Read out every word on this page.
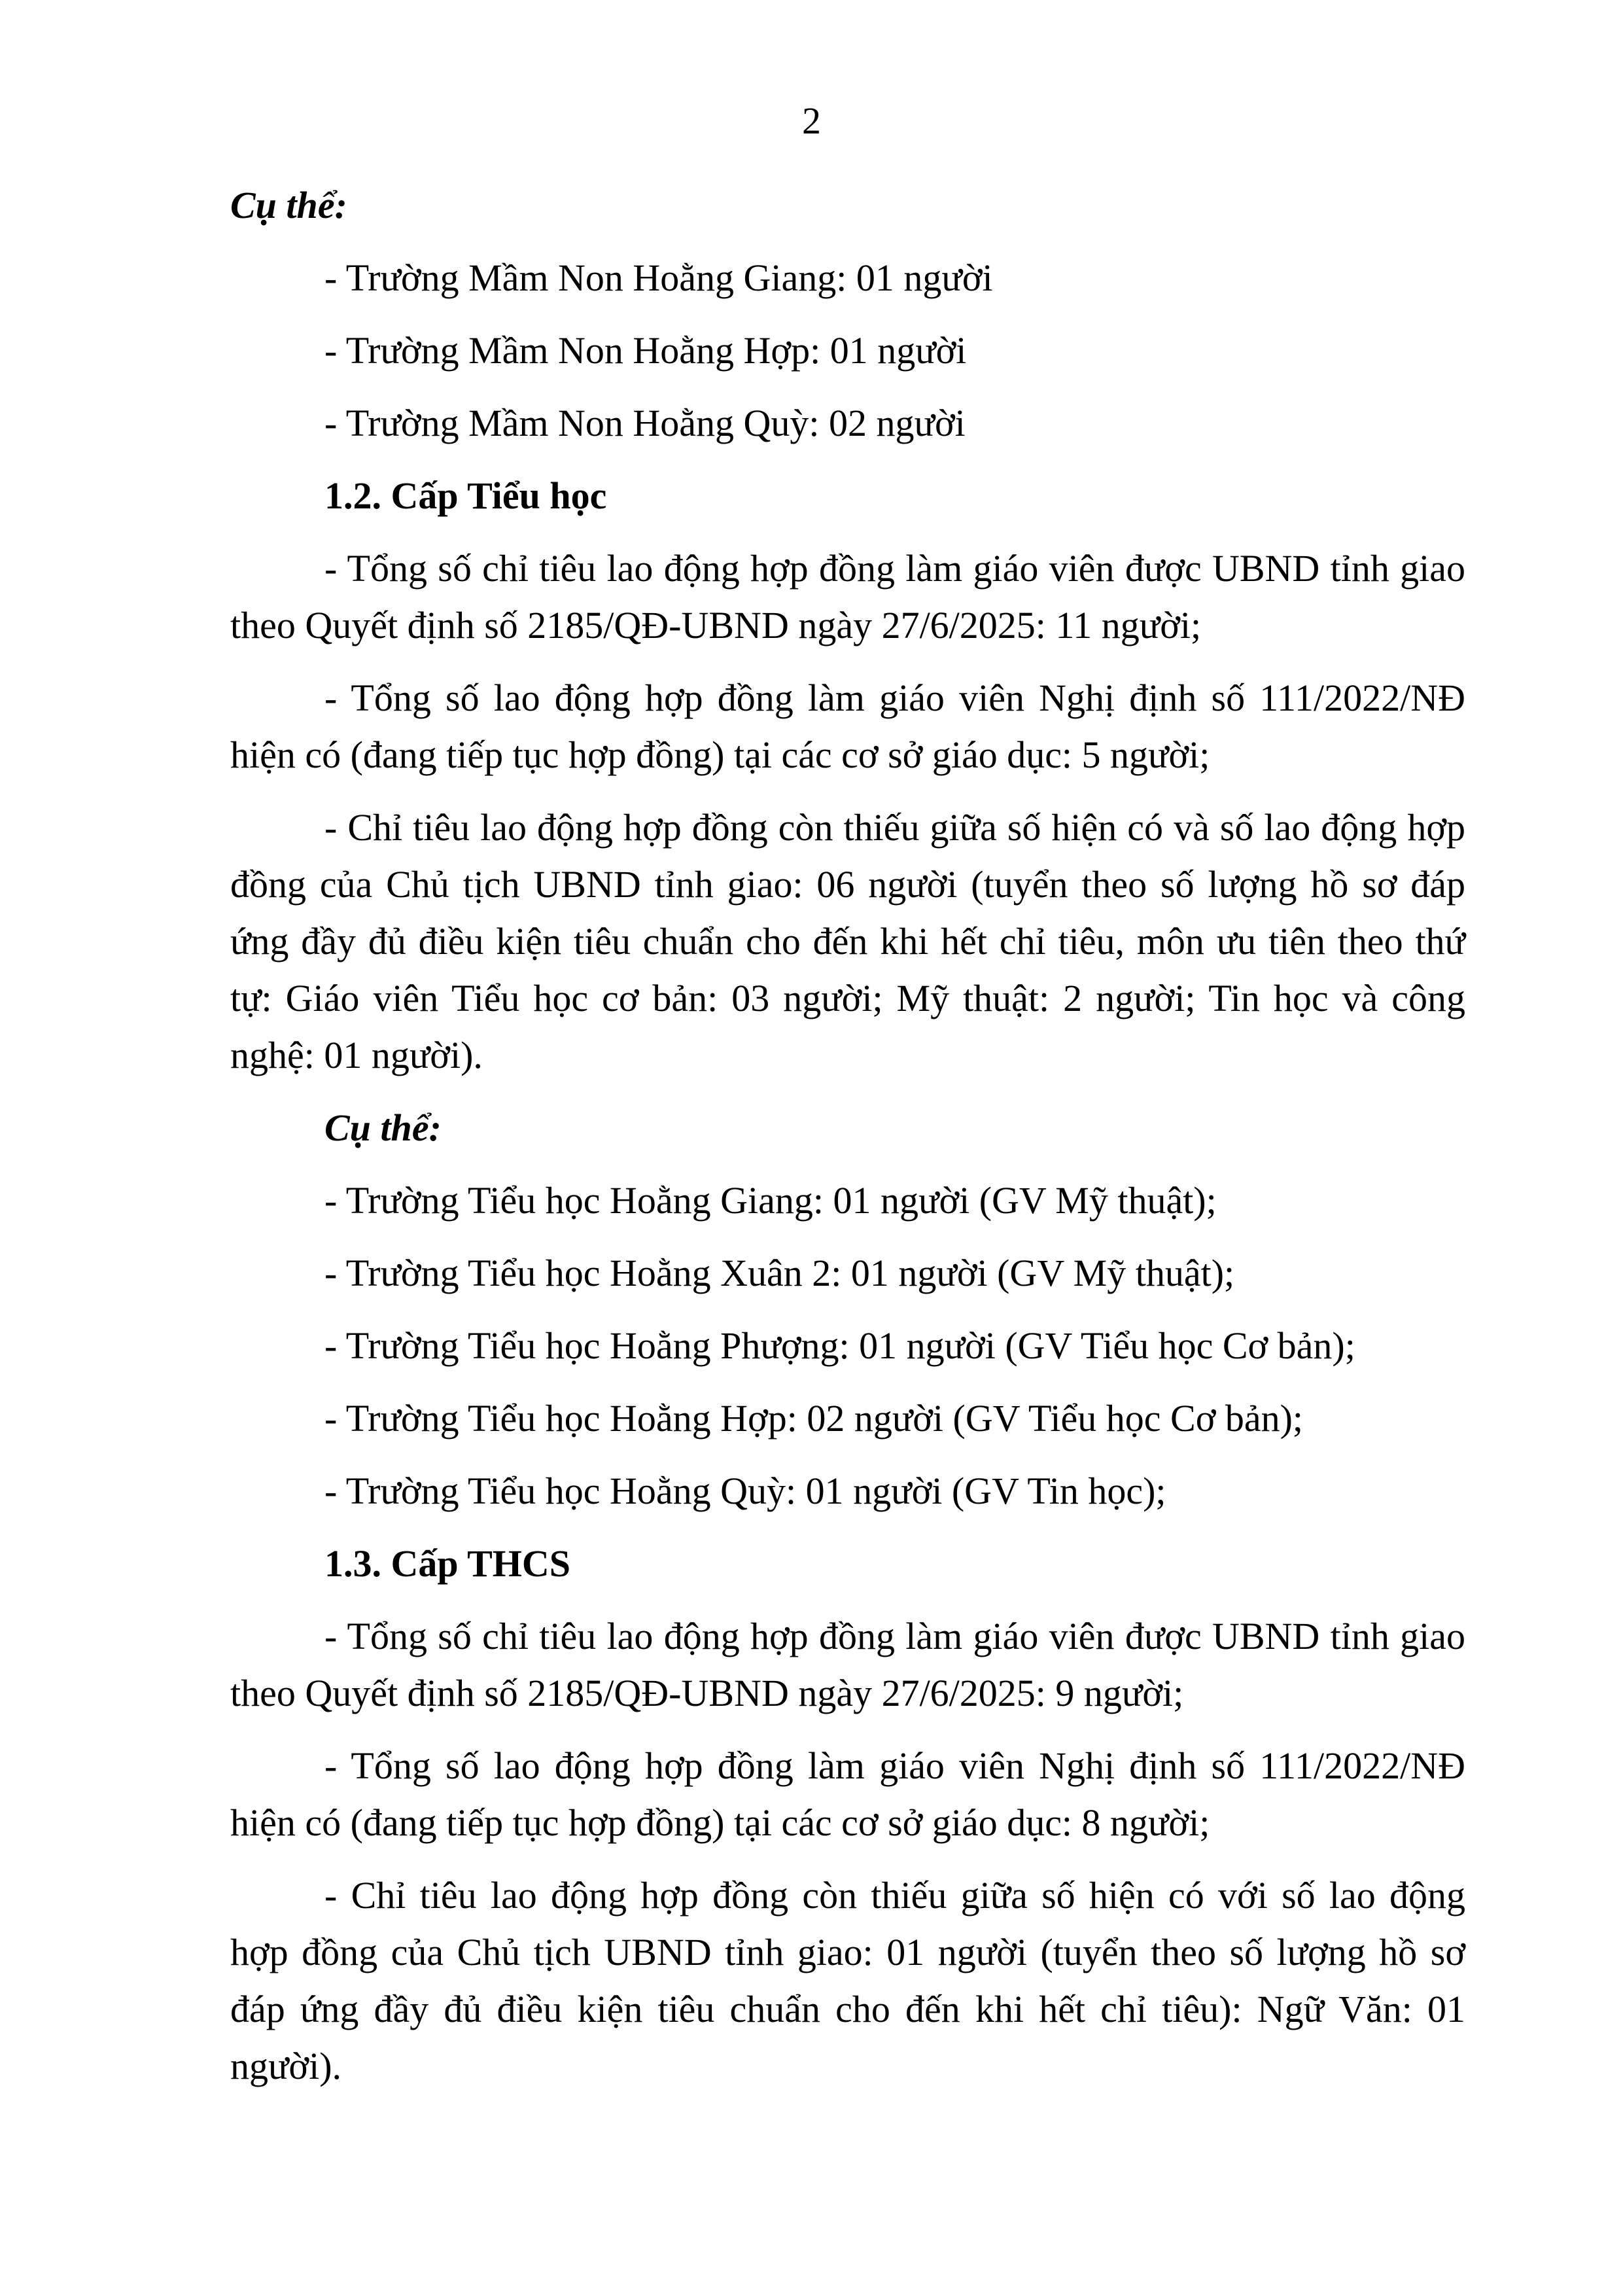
2

Cụ thể:

- Trường Mầm Non Hoằng Giang: 01 người

- Trường Mầm Non Hoằng Hợp: 01 người

- Trường Mầm Non Hoằng Quỳ: 02 người

1.2. Cấp Tiểu học

- Tổng số chỉ tiêu lao động hợp đồng làm giáo viên được UBND tỉnh giao

theo Quyết định số 2185/QĐ-UBND ngày 27/6/2025: 11 người;

- Tổng số lao động hợp đồng làm giáo viên Nghị định số 111/2022/NĐ

hiện có (đang tiếp tục hợp đồng) tại các cơ sở giáo dục: 5 người;

- Chỉ tiêu lao động hợp đồng còn thiếu giữa số hiện có và số lao động hợp

đồng của Chủ tịch UBND tỉnh giao: 06 người (tuyển theo số lượng hồ sơ đáp

ứng đầy đủ điều kiện tiêu chuẩn cho đến khi hết chỉ tiêu, môn ưu tiên theo thứ

tự: Giáo viên Tiểu học cơ bản: 03 người; Mỹ thuật: 2 người; Tin học và công

nghệ: 01 người).

Cụ thể:

- Trường Tiểu học Hoằng Giang: 01 người (GV Mỹ thuật);

- Trường Tiểu học Hoằng Xuân 2: 01 người (GV Mỹ thuật);

- Trường Tiểu học Hoằng Phượng: 01 người (GV Tiểu học Cơ bản);

- Trường Tiểu học Hoằng Hợp: 02 người (GV Tiểu học Cơ bản);

- Trường Tiểu học Hoằng Quỳ: 01 người (GV Tin học);

1.3. Cấp THCS

- Tổng số chỉ tiêu lao động hợp đồng làm giáo viên được UBND tỉnh giao

theo Quyết định số 2185/QĐ-UBND ngày 27/6/2025: 9 người;

- Tổng số lao động hợp đồng làm giáo viên Nghị định số 111/2022/NĐ

hiện có (đang tiếp tục hợp đồng) tại các cơ sở giáo dục: 8 người;

- Chỉ tiêu lao động hợp đồng còn thiếu giữa số hiện có với số lao động

hợp đồng của Chủ tịch UBND tỉnh giao: 01 người (tuyển theo số lượng hồ sơ

đáp ứng đầy đủ điều kiện tiêu chuẩn cho đến khi hết chỉ tiêu): Ngữ Văn: 01

người).
